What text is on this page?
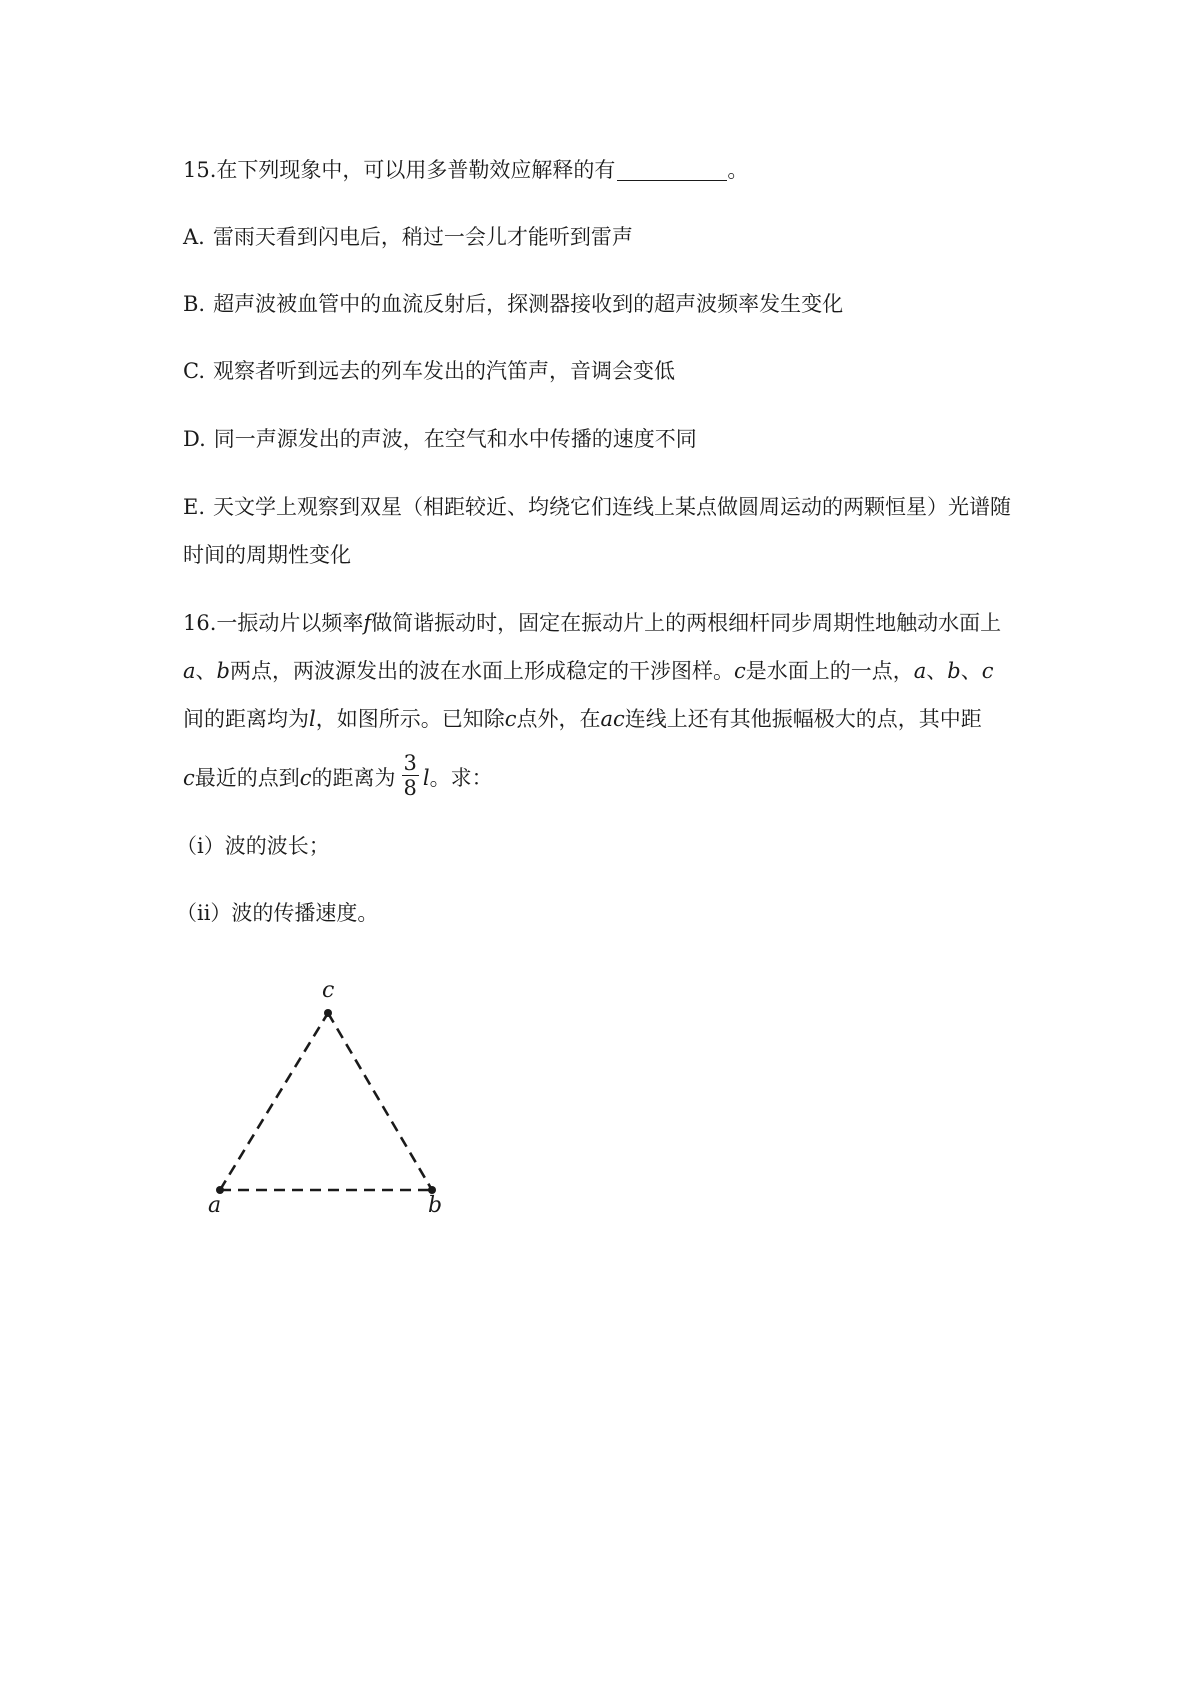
15.在下列现象中，可以用多普勒效应解释的有	。
A. 雷雨天看到闪电后，稍过一会儿才能听到雷声
B. 超声波被血管中的血流反射后，探测器接收到的超声波频率发生变化
C. 观察者听到远去的列车发出的汽笛声，音调会变低
D. 同一声源发出的声波，在空气和水中传播的速度不同
E. 天文学上观察到双星（相距较近、均绕它们连线上某点做圆周运动的两颗恒星）光谱随
时间的周期性变化
16.一振动片以频率f做简谐振动时，固定在振动片上的两根细杆同步周期性地触动水面上
a、b两点，两波源发出的波在水面上形成稳定的干涉图样。c是水面上的一点，a、b、c
间的距离均为l，如图所示。已知除c点外，在ac连线上还有其他振幅极大的点，其中距
c最近的点到c的距离为 $\frac{3}{8}$ l。求：
（i）波的波长；
（ii）波的传播速度。
c
a	b
